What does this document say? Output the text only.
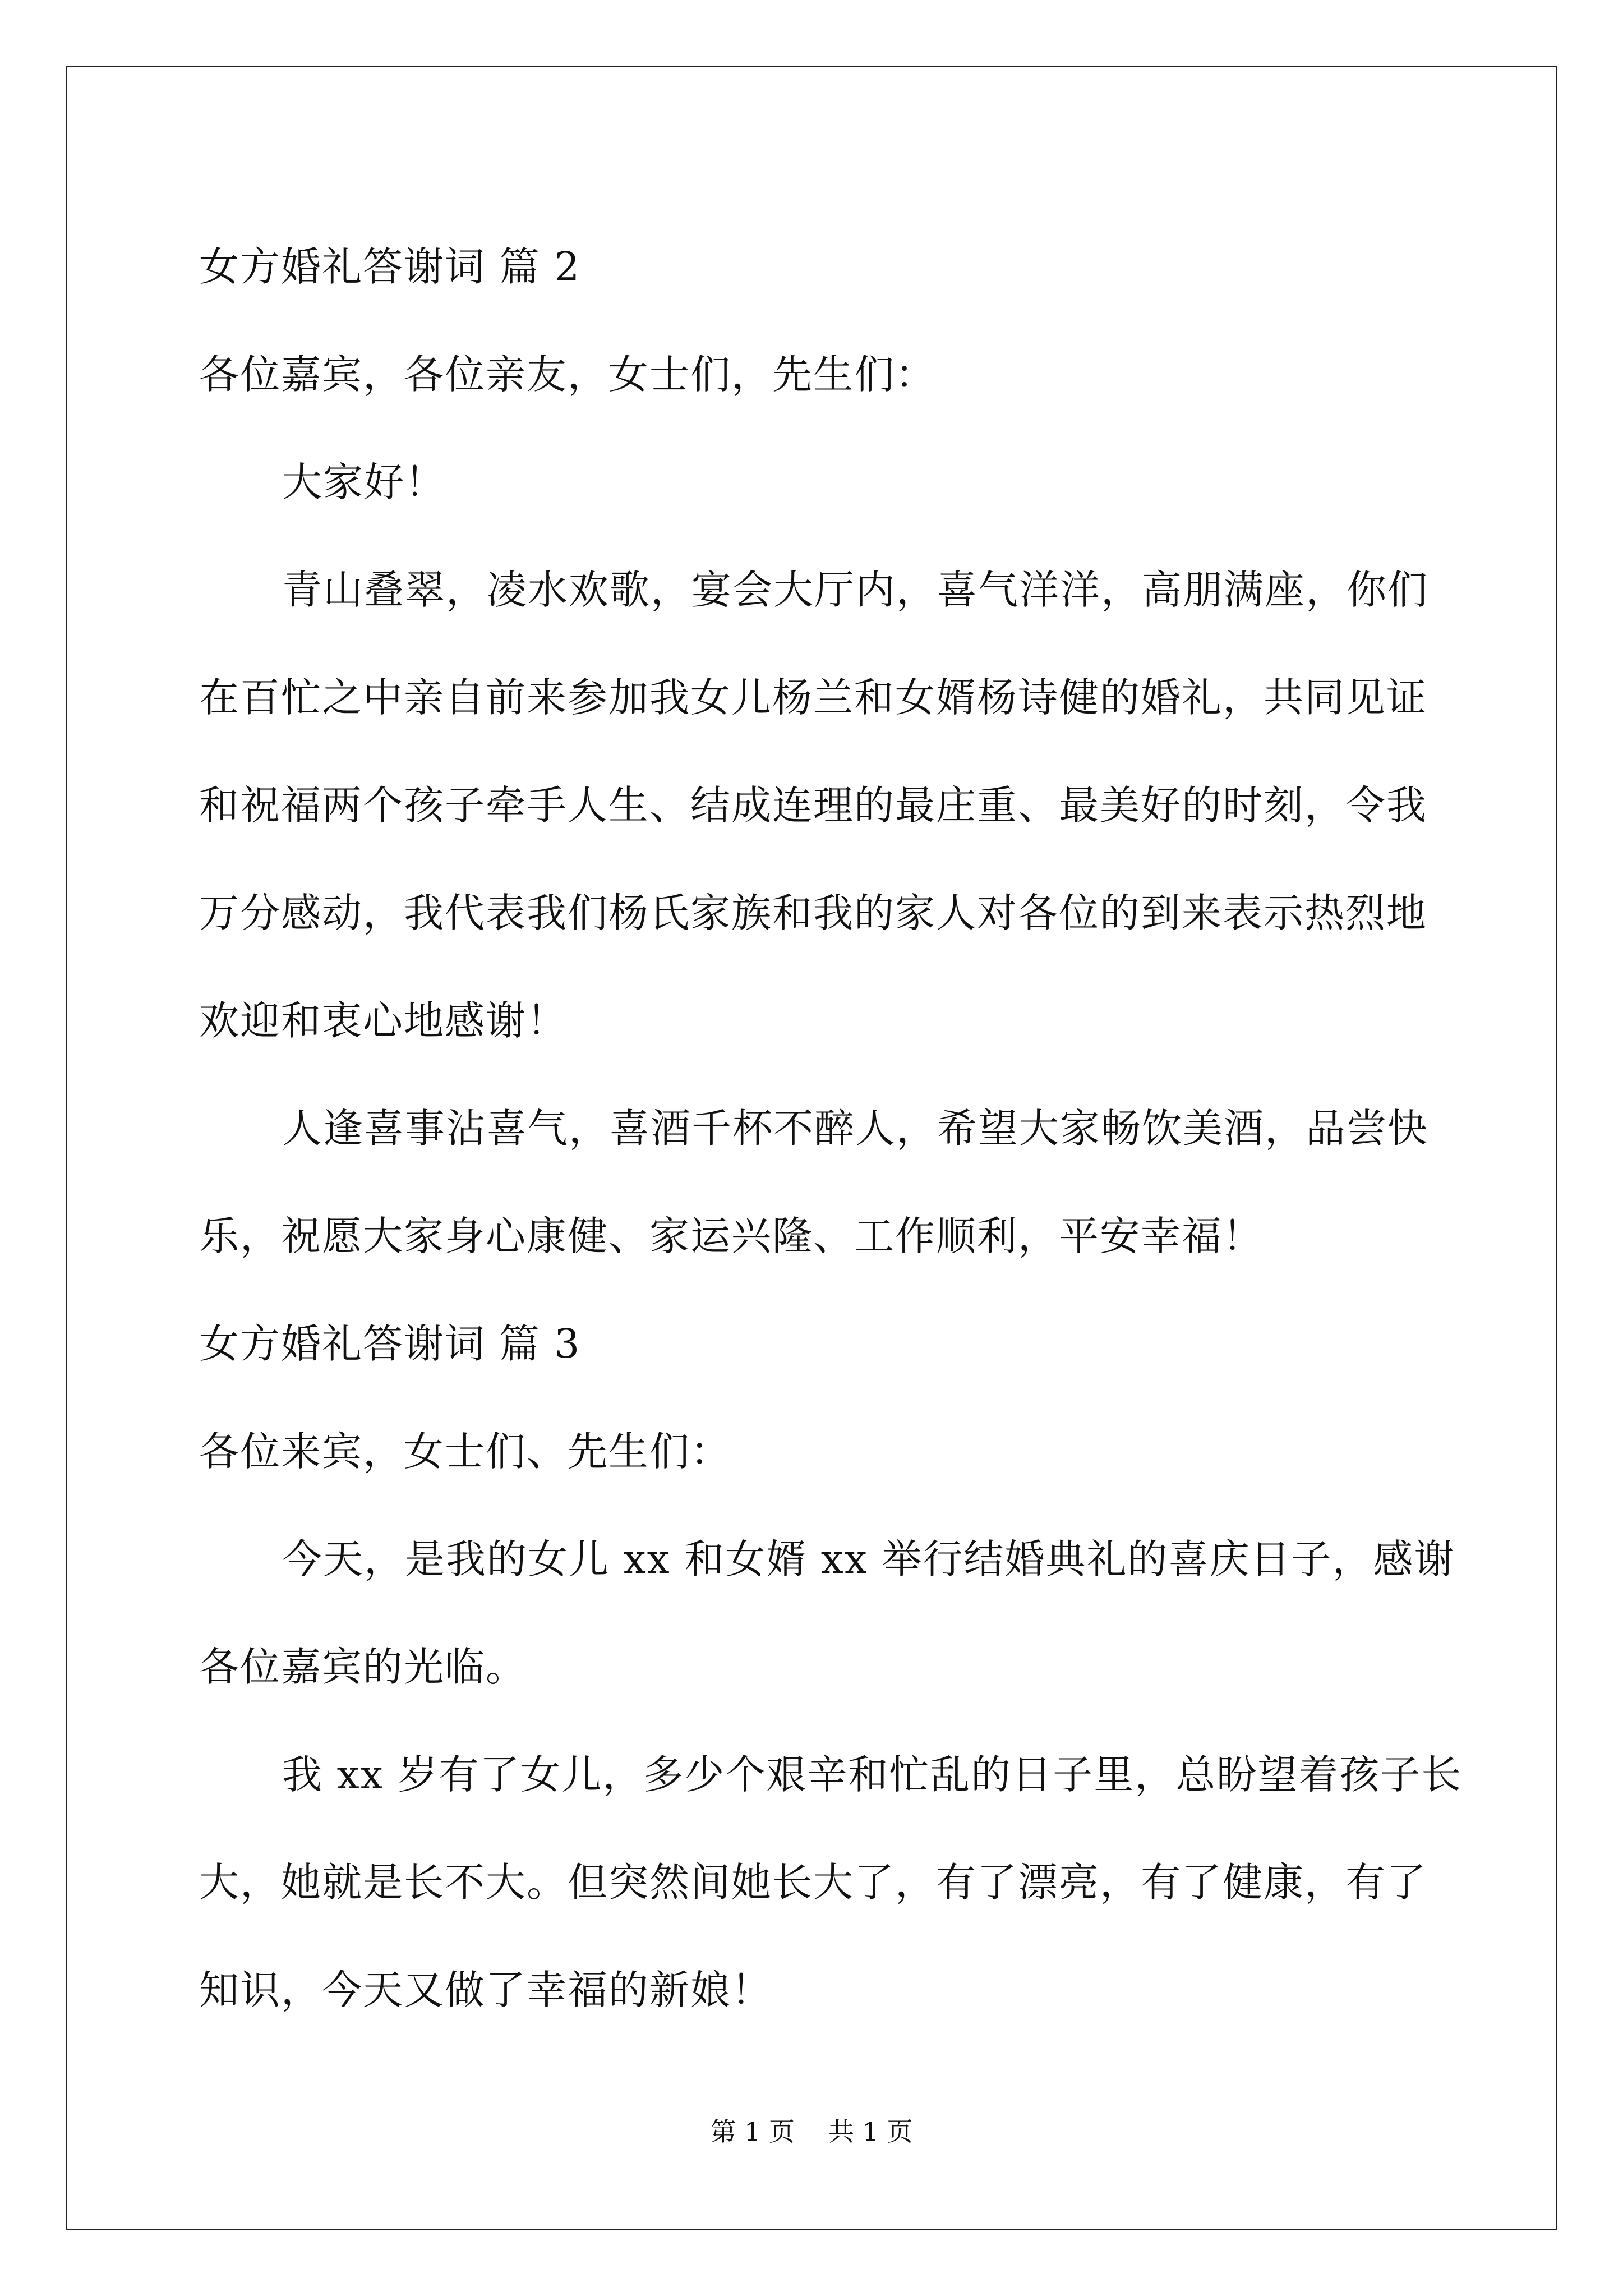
女方婚礼答谢词 篇 2
各位嘉宾，各位亲友，女士们，先生们：
大家好！
青山叠翠，凌水欢歌，宴会大厅内，喜气洋洋，高朋满座，你们
在百忙之中亲自前来参加我女儿杨兰和女婿杨诗健的婚礼，共同见证
和祝福两个孩子牵手人生、结成连理的最庄重、最美好的时刻，令我
万分感动，我代表我们杨氏家族和我的家人对各位的到来表示热烈地
欢迎和衷心地感谢！
人逢喜事沾喜气，喜酒千杯不醉人，希望大家畅饮美酒，品尝快
乐，祝愿大家身心康健、家运兴隆、工作顺利，平安幸福！
女方婚礼答谢词 篇 3
各位来宾，女士们、先生们：
今天，是我的女儿 xx 和女婿 xx 举行结婚典礼的喜庆日子，感谢
各位嘉宾的光临。
我 xx 岁有了女儿，多少个艰辛和忙乱的日子里，总盼望着孩子长
大，她就是长不大。但突然间她长大了，有了漂亮，有了健康，有了
知识，今天又做了幸福的新娘！
第 1 页 共 1 页
